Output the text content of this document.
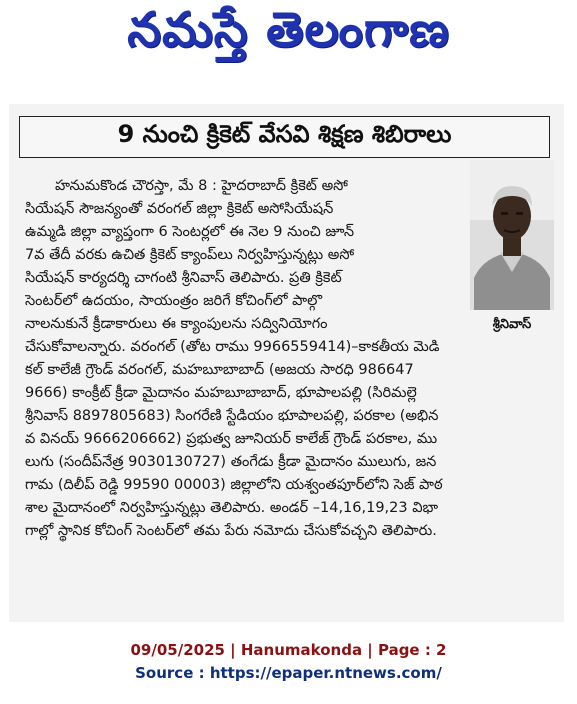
నమస్తే తెలంగాణ
9 నుంచి క్రికెట్ వేసవి శిక్షణ శిబిరాలు
శ్రీనివాస్
హనుమకొండ చౌరస్తా, మే 8 : హైదరాబాద్ క్రికెట్ అసో
సియేషన్ సౌజన్యంతో వరంగల్ జిల్లా క్రికెట్ అసోసియేషన్
ఉమ్మడి జిల్లా వ్యాప్తంగా 6 సెంటర్లలో ఈ నెల 9 నుంచి జూన్
7వ తేదీ వరకు ఉచిత క్రికెట్ క్యాంప్‌లు నిర్వహిస్తున్నట్లు అసో
సియేషన్ కార్యదర్శి చాగంటి శ్రీనివాస్ తెలిపారు. ప్రతి క్రికెట్
సెంటర్‌లో ఉదయం, సాయంత్రం జరిగే కోచింగ్‌లో పాల్గొ
నాలనుకునే క్రీడాకారులు ఈ క్యాంపులను సద్వినియోగం
చేసుకోవాలన్నారు. వరంగల్ (తోట రాము 9966559414)–కాకతీయ మెడి
కల్ కాలేజీ గ్రౌండ్ వరంగల్, మహబూబాబాద్ (అజయ సారధి 986647
9666) కాంక్రీట్ క్రీడా మైదానం మహబూబాబాద్, భూపాలపల్లి (సిరిమల్లె
శ్రీనివాస్ 8897805683) సింగరేణి స్టేడియం భూపాలపల్లి, పరకాల (అభిన
వ వినయ్ 9666206662) ప్రభుత్వ జూనియర్ కాలేజ్ గ్రౌండ్ పరకాల, ము
లుగు (సందీప్‌నేత్ర 9030130727) తంగేడు క్రీడా మైదానం ములుగు, జన
గామ (దిలీప్ రెడ్డి 99590 00003) జిల్లాలోని యశ్వంతపూర్‌లోని సెజ్ పాఠ
శాల మైదానంలో నిర్వహిస్తున్నట్లు తెలిపారు. అండర్ –14,16,19,23 విభా
గాల్లో స్థానిక కోచింగ్ సెంటర్‌లో తమ పేరు నమోదు చేసుకోవచ్చని తెలిపారు.
09/05/2025 | Hanumakonda | Page : 2
Source : https://epaper.ntnews.com/
